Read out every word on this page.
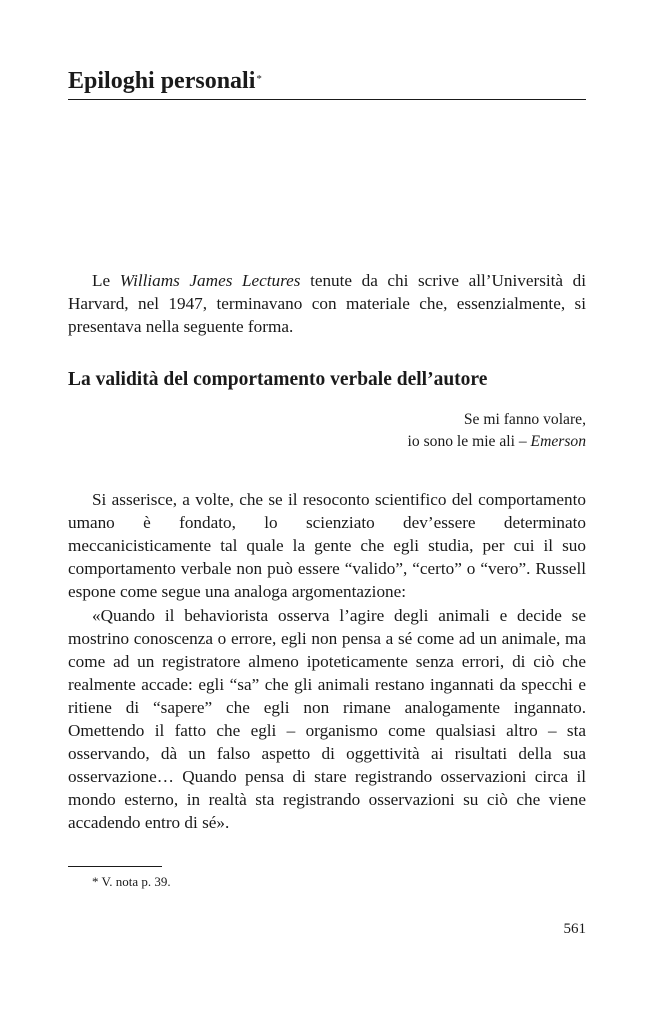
Epiloghi personali*

Le Williams James Lectures tenute da chi scrive all’Università di Harvard, nel 1947, terminavano con materiale che, essenzialmente, si presentava nella seguente forma.

La validità del comportamento verbale dell’autore
Se mi fanno volare,
io sono le mie ali – Emerson

Si asserisce, a volte, che se il resoconto scientifico del comportamento umano è fondato, lo scienziato dev’essere determinato meccanicisticamente tal quale la gente che egli studia, per cui il suo comportamento verbale non può essere “valido”, “certo” o “vero”. Russell espone come segue una analoga argomentazione:

«Quando il behaviorista osserva l’agire degli animali e decide se mostrino conoscenza o errore, egli non pensa a sé come ad un animale, ma come ad un registratore almeno ipoteticamente senza errori, di ciò che realmente accade: egli “sa” che gli animali restano ingannati da specchi e ritiene di “sapere” che egli non rimane analogamente ingannato. Omettendo il fatto che egli – organismo come qualsiasi altro – sta osservando, dà un falso aspetto di oggettività ai risultati della sua osservazione… Quando pensa di stare registrando osservazioni circa il mondo esterno, in realtà sta registrando osservazioni su ciò che viene accadendo entro di sé».

* V. nota p. 39.
561
